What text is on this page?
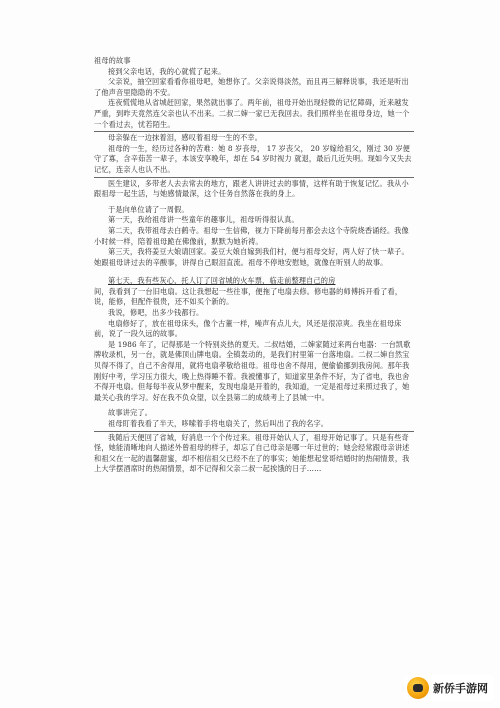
祖母的故事

接到父亲电话，我的心就慌了起来。

父亲说，抽空回家看看你祖母吧，她想你了。父亲说得淡然，而且再三解释说事，我还是听出了他声音里隐隐的不安。

连夜慌慌地从省城赶回家，果然就出事了。两年前，祖母开始出现轻微的记忆障碍，近来越发严重，到昨天竟然连父亲也认不出来。二叔二婶一家已无我回去。我们照样坐在祖母身边，她一个一个看过去，忧若陌生。

母亲躲在一边抹着泪，感叹着祖母一生的不幸。

祖母的一生，经历过各种的苦难：她 8 岁丧母， 17 岁丧父， 20 岁嫁给祖父，刚过 30 岁便守了寡，含辛茹苦一辈子，本该安享晚年，却在 54 岁时视力 就退，最后几近失明。现如今又失去记忆，连亲人也认不出。

医生建议，多带老人去去常去的地方，跟老人讲讲过去的事情，这样有助于恢复记忆。我从小跟祖母一起生活，与她感情最深，这个任务自然落在我的身上。

于是向单位请了一周假。

第一天，我给祖母讲一些童年的趣事儿，祖母听得很认真。

第二天，我带祖母去白鹤寺。祖母一生信佛，视力下降前每月都会去这个寺院烧香诵经。我像小时候一样，陪着祖母跪在佛像前，默默为她祈祷。

第三天，我将姜豆大娘请回家。姜豆大娘自嫁到我们村，便与祖母交好，两人好了快一辈子。她跟祖母讲过去的辛酸事，讲得自己眼泪直流。祖母不停地安慰她，就像在听别人的故事。

第七天，我有些灰心，托人订了回省城的火车票，临走前整理自己的房

间，我看到了一台旧电扇。这让我想起一些往事，便拖了电扇去修。修电器的师傅拆开看了看，说，能修，但配件很贵，还不如买个新的。

我说，修吧，出多少钱都行。

电扇修好了，放在祖母床头，像个古董一样，噪声有点儿大，风还是很凉爽。我坐在祖母床前，说了一段久远的故事。

是 1986 年了，记得那是一个特别炎热的夏天。二叔结婚，二婶家随过来两台电器：一台凯歌牌收录机，另一台，就是佛顶山牌电扇。全镇轰动的，是我们村里第一台落地扇。二叔二婶自然宝贝得不得了，自己不舍得用，就将电扇孝敬给祖母。祖母也舍不得用，便偷偷挪到我房间。那年我刚好中考，学习压力很大，晚上热得睡不着。我被懂事了，知道家里条件不好，为了省电，我也舍不得开电扇。但每每半夜从梦中醒来，发现电扇是开着的，我知道，一定是祖母过来照过我了，她最关心我的学习。好在我不负众望，以全县第二的成绩考上了县城一中。

故事讲完了。

祖母盯着我看了半天，哆嗦着手将电扇关了，然后叫出了我的名字。

我随后天便回了省城，好消息一个个传过来。祖母开始认人了，祖母开始记事了。只是有些奇怪，她能清晰地向人描述外曾祖母的样子，却忘了自己母亲是哪一年过世的；她会经常跟母亲讲述和祖父在一起的温馨甜蜜，却不相信祖父已经不在了的事实；她能想起堂哥结婚时的热闹情景，我上大学摆酒席时的热闹情景，却不记得和父亲二叔一起挨饿的日子……

新侨手游网
